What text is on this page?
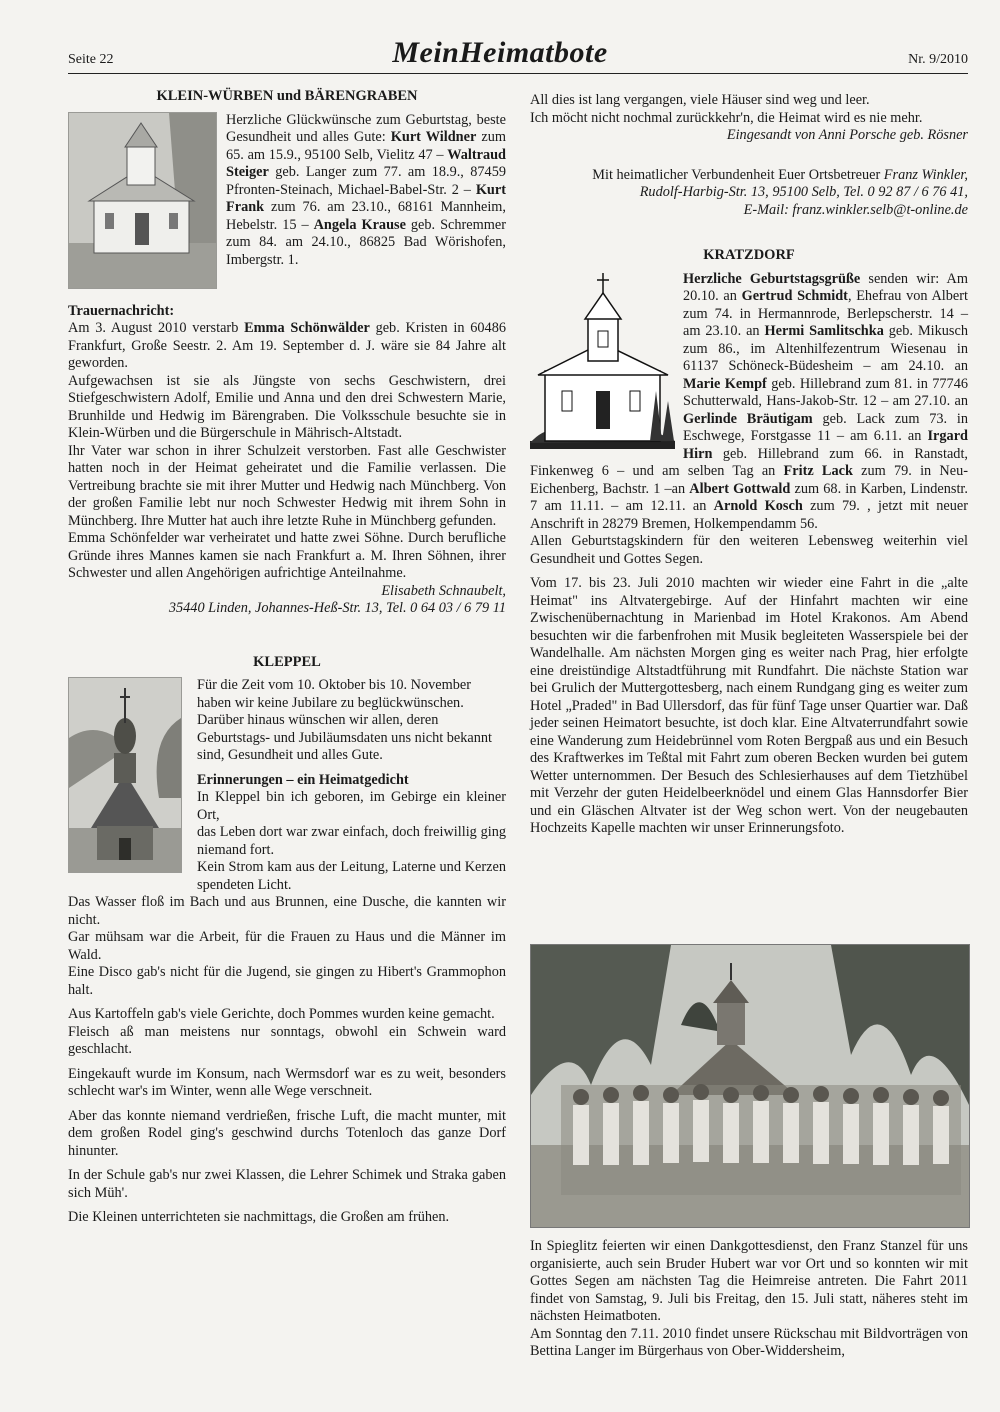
Seite 22	MeinHeimatbote	Nr. 9/2010
KLEIN-WÜRBEN und BÄRENGRABEN

Herzliche Glückwünsche zum Geburtstag, beste Gesundheit und alles Gute: Kurt Wildner zum 65. am 15.9., 95100 Selb, Vielitz 47 – Waltraud Steiger geb. Langer zum 77. am 18.9., 87459 Pfronten-Steinach, Michael-Babel-Str. 2 – Kurt Frank zum 76. am 23.10., 68161 Mannheim, Hebelstr. 15 – Angela Krause geb. Schremmer zum 84. am 24.10., 86825 Bad Wörishofen, Imbergstr. 1.

Trauernachricht:

Am 3. August 2010 verstarb Emma Schönwälder geb. Kristen in 60486 Frankfurt, Große Seestr. 2. Am 19. September d. J. wäre sie 84 Jahre alt geworden.

Aufgewachsen ist sie als Jüngste von sechs Geschwistern, drei Stiefgeschwistern Adolf, Emilie und Anna und den drei Schwestern Marie, Brunhilde und Hedwig im Bärengraben. Die Volksschule besuchte sie in Klein-Würben und die Bürgerschule in Mährisch-Altstadt.

Ihr Vater war schon in ihrer Schulzeit verstorben. Fast alle Geschwister hatten noch in der Heimat geheiratet und die Familie verlassen. Die Vertreibung brachte sie mit ihrer Mutter und Hedwig nach Münchberg. Von der großen Familie lebt nur noch Schwester Hedwig mit ihrem Sohn in Münchberg. Ihre Mutter hat auch ihre letzte Ruhe in Münchberg gefunden.

Emma Schönfelder war verheiratet und hatte zwei Söhne. Durch berufliche Gründe ihres Mannes kamen sie nach Frankfurt a. M. Ihren Söhnen, ihrer Schwester und allen Angehörigen aufrichtige Anteilnahme.

Elisabeth Schnaubelt,

35440 Linden, Johannes-Heß-Str. 13, Tel. 0 64 03 / 6 79 11

KLEPPEL

Für die Zeit vom 10. Oktober bis 10. November haben wir keine Jubilare zu beglückwünschen. Darüber hinaus wünschen wir allen, deren Geburtstags- und Jubiläumsdaten uns nicht bekannt sind, Gesundheit und alles Gute.

Erinnerungen – ein Heimatgedicht

In Kleppel bin ich geboren, im Gebirge ein kleiner Ort,

das Leben dort war zwar einfach, doch freiwillig ging niemand fort.

Kein Strom kam aus der Leitung, Laterne und Kerzen spendeten Licht.

Das Wasser floß im Bach und aus Brunnen, eine Dusche, die kannten wir nicht.

Gar mühsam war die Arbeit, für die Frauen zu Haus und die Männer im Wald.

Eine Disco gab's nicht für die Jugend, sie gingen zu Hibert's Grammophon halt.

Aus Kartoffeln gab's viele Gerichte, doch Pommes wurden keine gemacht.

Fleisch aß man meistens nur sonntags, obwohl ein Schwein ward geschlacht.

Eingekauft wurde im Konsum, nach Wermsdorf war es zu weit, besonders schlecht war's im Winter, wenn alle Wege verschneit.

Aber das konnte niemand verdrießen, frische Luft, die macht munter, mit dem großen Rodel ging's geschwind durchs Totenloch das ganze Dorf hinunter.

In der Schule gab's nur zwei Klassen, die Lehrer Schimek und Straka gaben sich Müh'.

Die Kleinen unterrichteten sie nachmittags, die Großen am frühen.

All dies ist lang vergangen, viele Häuser sind weg und leer.

Ich möcht nicht nochmal zurückkehr'n, die Heimat wird es nie mehr.

Eingesandt von Anni Porsche geb. Rösner

Mit heimatlicher Verbundenheit Euer Ortsbetreuer Franz Winkler,

Rudolf-Harbig-Str. 13, 95100 Selb, Tel. 0 92 87 / 6 76 41,

E-Mail: franz.winkler.selb@t-online.de

KRATZDORF

Herzliche Geburtstagsgrüße senden wir: Am 20.10. an Gertrud Schmidt, Ehefrau von Albert zum 74. in Hermannrode, Berlepscherstr. 14 – am 23.10. an Hermi Samlitschka geb. Mikusch zum 86., im Altenhilfezentrum Wiesenau in 61137 Schöneck-Büdesheim – am 24.10. an Marie Kempf geb. Hillebrand zum 81. in 77746 Schutterwald, Hans-Jakob-Str. 12 – am 27.10. an Gerlinde Bräutigam geb. Lack zum 73. in Eschwege, Forstgasse 11 – am 6.11. an Irgard Hirn geb. Hillebrand zum 66. in Ranstadt, Finkenweg 6 – und am selben Tag an Fritz Lack zum 79. in Neu-Eichenberg, Bachstr. 1 –an Albert Gottwald zum 68. in Karben, Lindenstr. 7 am 11.11. – am 12.11. an Arnold Kosch zum 79. , jetzt mit neuer Anschrift in 28279 Bremen, Holkempendamm 56.

Allen Geburtstagskindern für den weiteren Lebensweg weiterhin viel Gesundheit und Gottes Segen.

Vom 17. bis 23. Juli 2010 machten wir wieder eine Fahrt in die „alte Heimat" ins Altvatergebirge. Auf der Hinfahrt machten wir eine Zwischenübernachtung in Marienbad im Hotel Krakonos. Am Abend besuchten wir die farbenfrohen mit Musik begleiteten Wasserspiele bei der Wandelhalle. Am nächsten Morgen ging es weiter nach Prag, hier erfolgte eine dreistündige Altstadtführung mit Rundfahrt. Die nächste Station war bei Grulich der Muttergottesberg, nach einem Rundgang ging es weiter zum Hotel „Praded" in Bad Ullersdorf, das für fünf Tage unser Quartier war. Daß jeder seinen Heimatort besuchte, ist doch klar. Eine Altvaterrundfahrt sowie eine Wanderung zum Heidebrünnel vom Roten Bergpaß aus und ein Besuch des Kraftwerkes im Teßtal mit Fahrt zum oberen Becken wurden bei gutem Wetter unternommen. Der Besuch des Schlesierhauses auf dem Tietzhübel mit Verzehr der guten Heidelbeerknödel und einem Glas Hannsdorfer Bier und ein Gläschen Altvater ist der Weg schon wert. Von der neugebauten Hochzeits Kapelle machten wir unser Erinnerungsfoto.

In Spieglitz feierten wir einen Dankgottesdienst, den Franz Stanzel für uns organisierte, auch sein Bruder Hubert war vor Ort und so konnten wir mit Gottes Segen am nächsten Tag die Heimreise antreten. Die Fahrt 2011 findet von Samstag, 9. Juli bis Freitag, den 15. Juli statt, näheres steht im nächsten Heimatboten.

Am Sonntag den 7.11. 2010 findet unsere Rückschau mit Bildvorträgen von Bettina Langer im Bürgerhaus von Ober-Widdersheim,
